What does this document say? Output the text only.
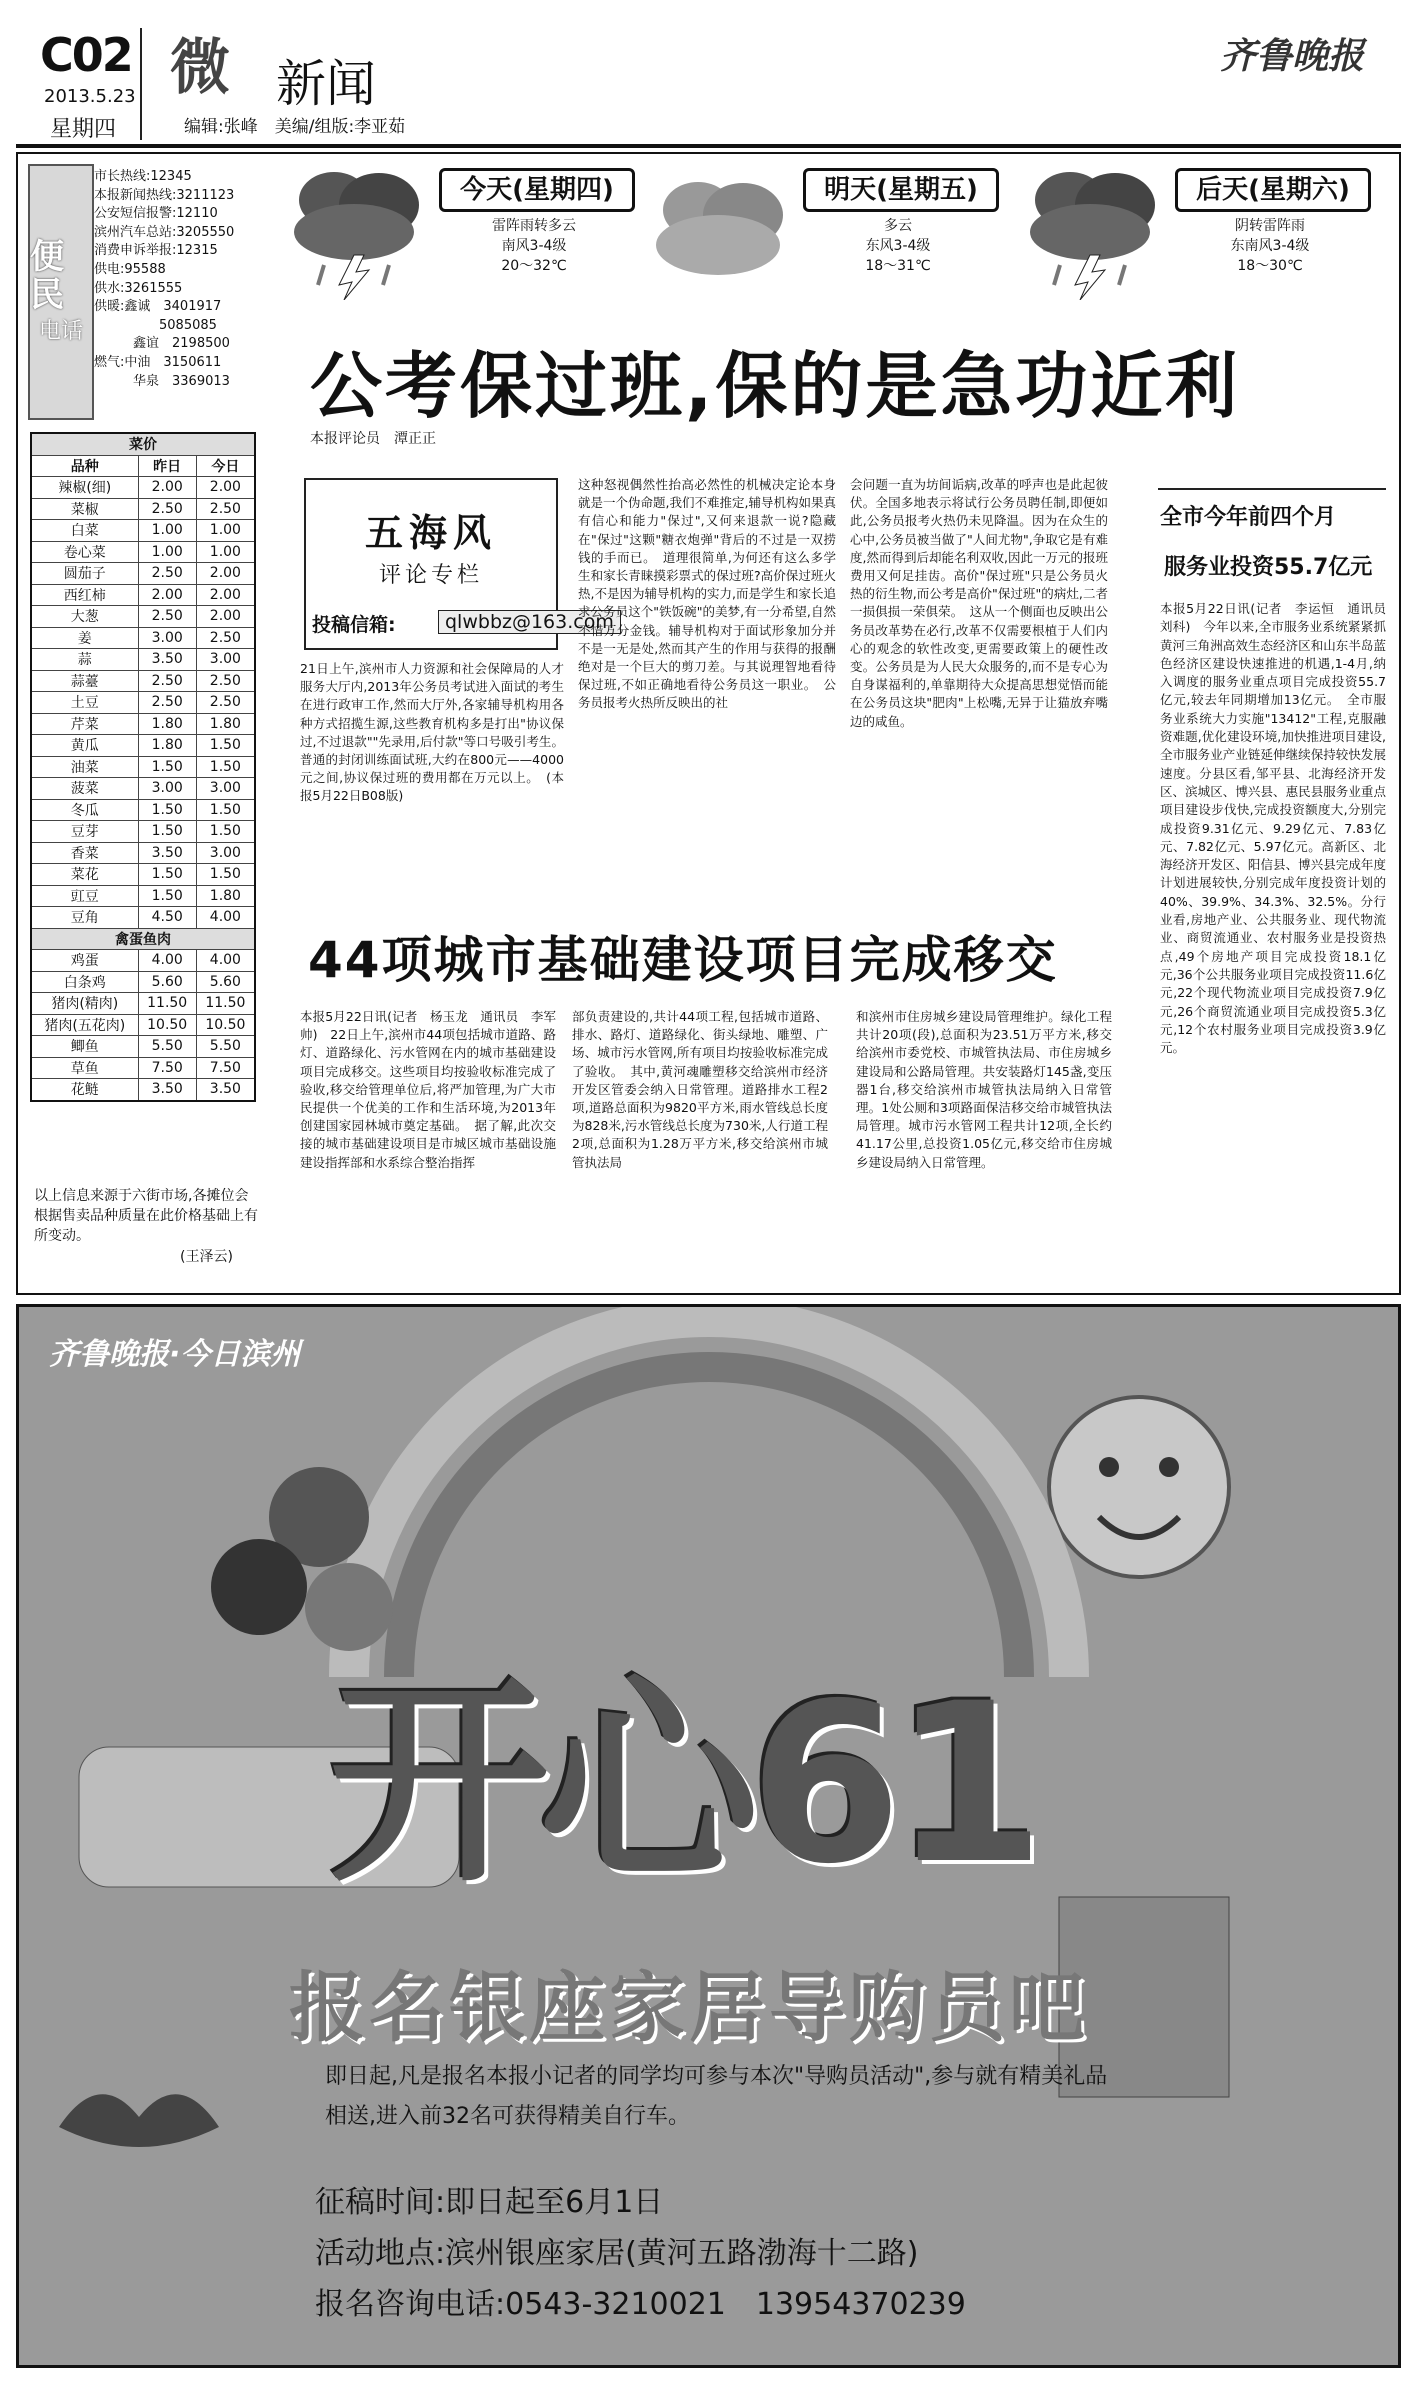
C02
2013.5.23
星期四
微 新闻
编辑:张峰　美编/组版:李亚茹
齐鲁晚报
便民
电话
市长热线:12345
本报新闻热线:3211123
公安短信报警:12110
滨州汽车总站:3205550
消费申诉举报:12315
供电:95588
供水:3261555
供暖:鑫诚　3401917
　　　　　5085085
　　　鑫谊　2198500
燃气:中油　3150611
　　　华泉　3369013
今天(星期四)
雷阵雨转多云
南风3-4级
20～32℃
明天(星期五)
多云
东风3-4级
18～31℃
后天(星期六)
阴转雷阵雨
东南风3-4级
18～30℃
公考保过班,保的是急功近利
本报评论员　潭正正
菜价		
品种	昨日	今日
辣椒(细)	2.00	2.00
菜椒	2.50	2.50
白菜	1.00	1.00
卷心菜	1.00	1.00
圆茄子	2.50	2.00
西红柿	2.00	2.00
大葱	2.50	2.00
姜	3.00	2.50
蒜	3.50	3.00
蒜薹	2.50	2.50
土豆	2.50	2.50
芹菜	1.80	1.80
黄瓜	1.80	1.50
油菜	1.50	1.50
菠菜	3.00	3.00
冬瓜	1.50	1.50
豆芽	1.50	1.50
香菜	3.50	3.00
菜花	1.50	1.50
豇豆	1.50	1.80
豆角	4.50	4.00
禽蛋鱼肉		
鸡蛋	4.00	4.00
白条鸡	5.60	5.60
猪肉(精肉)	11.50	11.50
猪肉(五花肉)	10.50	10.50
鲫鱼	5.50	5.50
草鱼	7.50	7.50
花鲢	3.50	3.50
以上信息来源于六街市场,各摊位会根据售卖品种质量在此价格基础上有所变动。
(王泽云)
五海风
评论专栏
投稿信箱:	qlwbbz@163.com
21日上午,滨州市人力资源和社会保障局的人才服务大厅内,2013年公务员考试进入面试的考生在进行政审工作,然而大厅外,各家辅导机构用各种方式招揽生源,这些教育机构多是打出"协议保过,不过退款""先录用,后付款"等口号吸引考生。普通的封闭训练面试班,大约在800元——4000元之间,协议保过班的费用都在万元以上。　(本报5月22日B08版)
这种怒视偶然性抬高必然性的机械决定论本身就是一个伪命题,我们不难推定,辅导机构如果真有信心和能力"保过",又何来退款一说?隐藏在"保过"这颗"糖衣炮弹"背后的不过是一双捞钱的手而已。　道理很简单,为何还有这么多学生和家长青睐摸彩票式的保过班?高价保过班火热,不是因为辅导机构的实力,而是学生和家长追求公务员这个"铁饭碗"的美梦,有一分希望,自然不惜万分金钱。辅导机构对于面试形象加分并不是一无是处,然而其产生的作用与获得的报酬绝对是一个巨大的剪刀差。与其说理智地看待保过班,不如正确地看待公务员这一职业。　公务员报考火热所反映出的社
会问题一直为坊间诟病,改革的呼声也是此起彼伏。全国多地表示将试行公务员聘任制,即便如此,公务员报考火热仍未见降温。因为在众生的心中,公务员被当做了"人间尤物",争取它是有难度,然而得到后却能名利双收,因此一万元的报班费用又何足挂齿。高价"保过班"只是公务员火热的衍生物,而公考是高价"保过班"的病灶,二者一损俱损一荣俱荣。　这从一个侧面也反映出公务员改革势在必行,改革不仅需要根植于人们内心的观念的软性改变,更需要政策上的硬性改变。公务员是为人民大众服务的,而不是专心为自身谋福利的,单靠期待大众提高思想觉悟而能在公务员这块"肥肉"上松嘴,无异于让猫放弃嘴边的咸鱼。
全市今年前四个月
服务业投资55.7亿元
本报5月22日讯(记者　李运恒　通讯员　刘科)　今年以来,全市服务业系统紧紧抓黄河三角洲高效生态经济区和山东半岛蓝色经济区建设快速推进的机遇,1-4月,纳入调度的服务业重点项目完成投资55.7亿元,较去年同期增加13亿元。　全市服务业系统大力实施"13412"工程,克服融资难题,优化建设环境,加快推进项目建设,全市服务业产业链延伸继续保持较快发展速度。分县区看,邹平县、北海经济开发区、滨城区、博兴县、惠民县服务业重点项目建设步伐快,完成投资额度大,分别完成投资9.31亿元、9.29亿元、7.83亿元、7.82亿元、5.97亿元。高新区、北海经济开发区、阳信县、博兴县完成年度计划进展较快,分别完成年度投资计划的40%、39.9%、34.3%、32.5%。分行业看,房地产业、公共服务业、现代物流业、商贸流通业、农村服务业是投资热点,49个房地产项目完成投资18.1亿元,36个公共服务业项目完成投资11.6亿元,22个现代物流业项目完成投资7.9亿元,26个商贸流通业项目完成投资5.3亿元,12个农村服务业项目完成投资3.9亿元。
44项城市基础建设项目完成移交
本报5月22日讯(记者　杨玉龙　通讯员　李军帅)　22日上午,滨州市44项包括城市道路、路灯、道路绿化、污水管网在内的城市基础建设项目完成移交。这些项目均按验收标准完成了验收,移交给管理单位后,将严加管理,为广大市民提供一个优美的工作和生活环境,为2013年创建国家园林城市奠定基础。　据了解,此次交接的城市基础建设项目是市城区城市基础设施建设指挥部和水系综合整治指挥
部负责建设的,共计44项工程,包括城市道路、排水、路灯、道路绿化、街头绿地、雕塑、广场、城市污水管网,所有项目均按验收标准完成了验收。　其中,黄河魂雕塑移交给滨州市经济开发区管委会纳入日常管理。道路排水工程2项,道路总面积为9820平方米,雨水管线总长度为828米,污水管线总长度为730米,人行道工程2项,总面积为1.28万平方米,移交给滨州市城管执法局
和滨州市住房城乡建设局管理维护。绿化工程共计20项(段),总面积为23.51万平方米,移交给滨州市委党校、市城管执法局、市住房城乡建设局和公路局管理。共安装路灯145盏,变压器1台,移交给滨州市城管执法局纳入日常管理。1处公厕和3项路面保洁移交给市城管执法局管理。城市污水管网工程共计12项,全长约41.17公里,总投资1.05亿元,移交给市住房城乡建设局纳入日常管理。
齐鲁晚报·今日滨州
开心61
报名银座家居导购员吧
即日起,凡是报名本报小记者的同学均可参与本次"导购员活动",参与就有精美礼品相送,进入前32名可获得精美自行车。
征稿时间:即日起至6月1日
活动地点:滨州银座家居(黄河五路渤海十二路)
报名咨询电话:0543-3210021　13954370239
